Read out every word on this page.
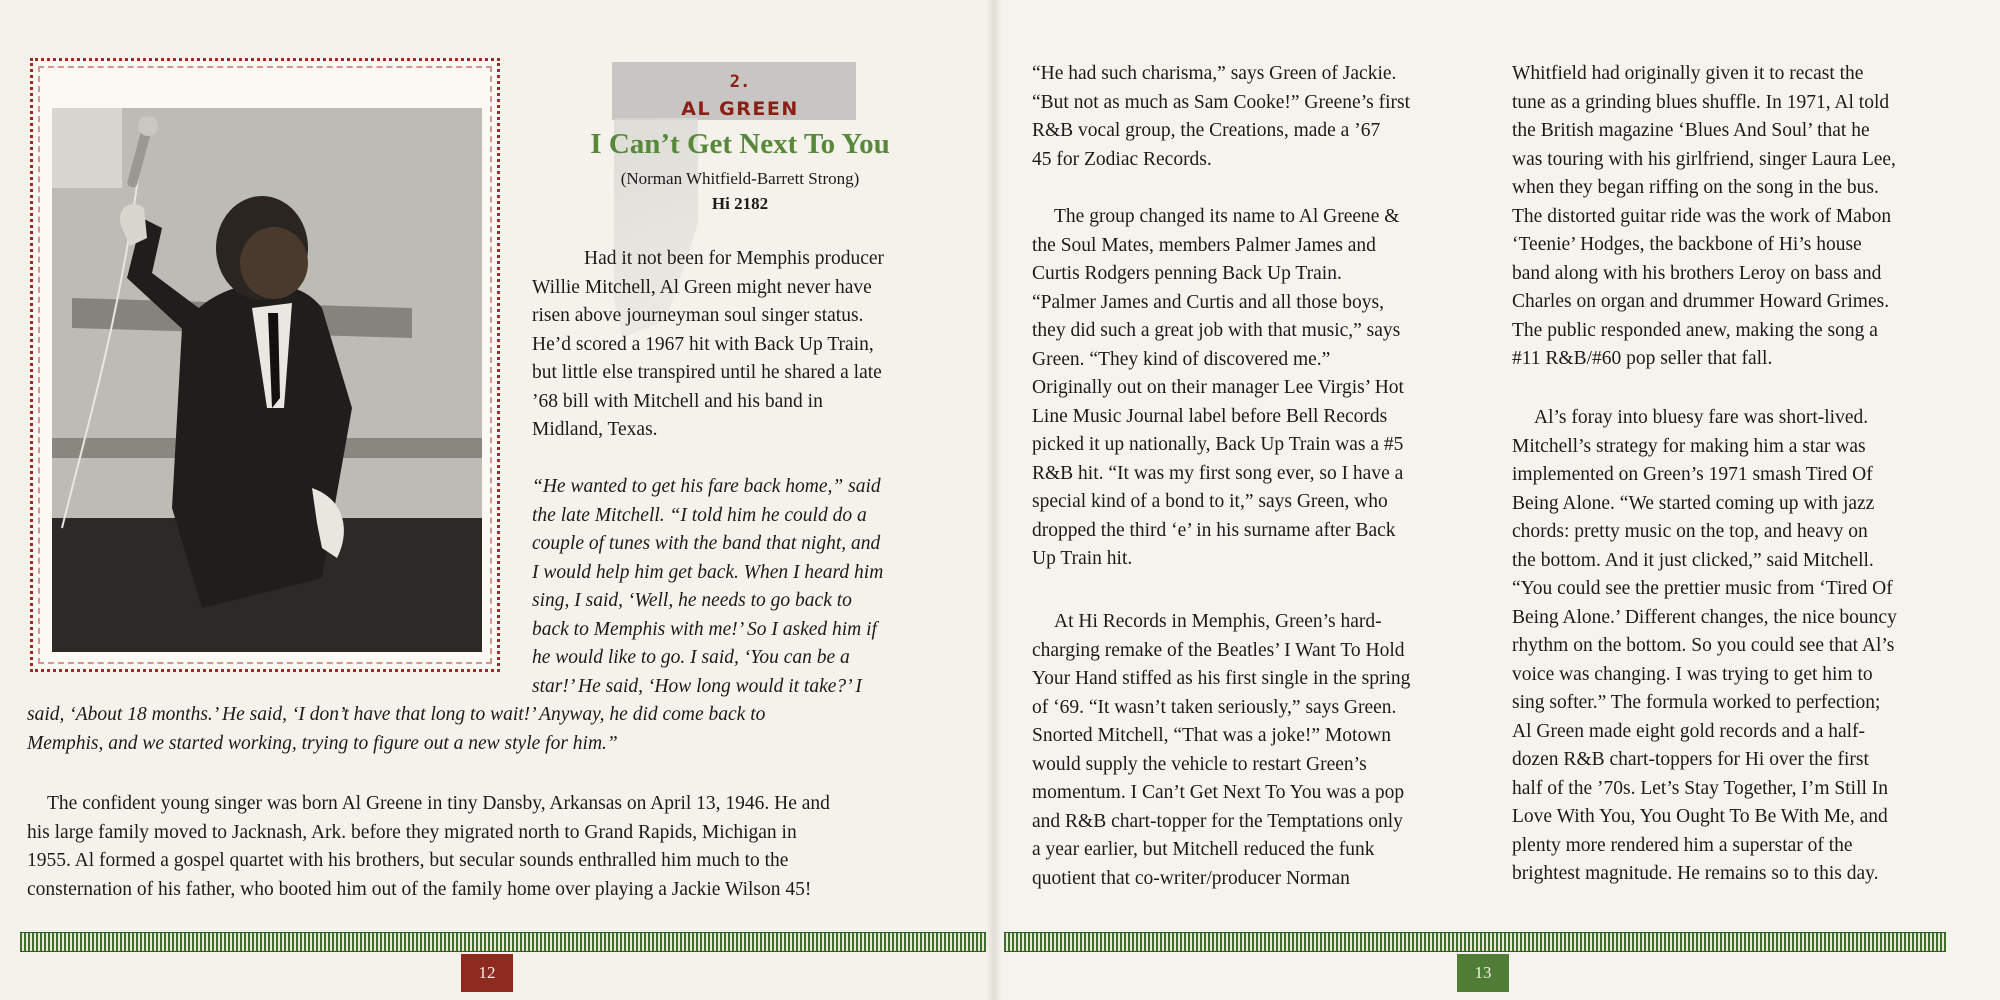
2.
AL GREEN
I Can’t Get Next To You
(Norman Whitfield-Barrett Strong)
Hi 2182
Had it not been for Memphis producer
Willie Mitchell, Al Green might never have
risen above journeyman soul singer status.
He’d scored a 1967 hit with Back Up Train,
but little else transpired until he shared a late
’68 bill with Mitchell and his band in
Midland, Texas.
“He wanted to get his fare back home,” said
the late Mitchell. “I told him he could do a
couple of tunes with the band that night, and
I would help him get back. When I heard him
sing, I said, ‘Well, he needs to go back to
back to Memphis with me!’ So I asked him if
he would like to go. I said, ‘You can be a
star!’ He said, ‘How long would it take?’ I
said, ‘About 18 months.’ He said, ‘I don’t have that long to wait!’ Anyway, he did come back to
Memphis, and we started working, trying to figure out a new style for him.”
The confident young singer was born Al Greene in tiny Dansby, Arkansas on April 13, 1946. He and
his large family moved to Jacknash, Ark. before they migrated north to Grand Rapids, Michigan in
1955. Al formed a gospel quartet with his brothers, but secular sounds enthralled him much to the
consternation of his father, who booted him out of the family home over playing a Jackie Wilson 45!
“He had such charisma,” says Green of Jackie.
“But not as much as Sam Cooke!” Greene’s first
R&B vocal group, the Creations, made a ’67
45 for Zodiac Records.
The group changed its name to Al Greene &
the Soul Mates, members Palmer James and
Curtis Rodgers penning Back Up Train.
“Palmer James and Curtis and all those boys,
they did such a great job with that music,” says
Green. “They kind of discovered me.”
Originally out on their manager Lee Virgis’ Hot
Line Music Journal label before Bell Records
picked it up nationally, Back Up Train was a #5
R&B hit. “It was my first song ever, so I have a
special kind of a bond to it,” says Green, who
dropped the third ‘e’ in his surname after Back
Up Train hit.
At Hi Records in Memphis, Green’s hard-
charging remake of the Beatles’ I Want To Hold
Your Hand stiffed as his first single in the spring
of ‘69. “It wasn’t taken seriously,” says Green.
Snorted Mitchell, “That was a joke!” Motown
would supply the vehicle to restart Green’s
momentum. I Can’t Get Next To You was a pop
and R&B chart-topper for the Temptations only
a year earlier, but Mitchell reduced the funk
quotient that co-writer/producer Norman
Whitfield had originally given it to recast the
tune as a grinding blues shuffle. In 1971, Al told
the British magazine ‘Blues And Soul’ that he
was touring with his girlfriend, singer Laura Lee,
when they began riffing on the song in the bus.
The distorted guitar ride was the work of Mabon
‘Teenie’ Hodges, the backbone of Hi’s house
band along with his brothers Leroy on bass and
Charles on organ and drummer Howard Grimes.
The public responded anew, making the song a
#11 R&B/#60 pop seller that fall.
Al’s foray into bluesy fare was short-lived.
Mitchell’s strategy for making him a star was
implemented on Green’s 1971 smash Tired Of
Being Alone. “We started coming up with jazz
chords: pretty music on the top, and heavy on
the bottom. And it just clicked,” said Mitchell.
“You could see the prettier music from ‘Tired Of
Being Alone.’ Different changes, the nice bouncy
rhythm on the bottom. So you could see that Al’s
voice was changing. I was trying to get him to
sing softer.” The formula worked to perfection;
Al Green made eight gold records and a half-
dozen R&B chart-toppers for Hi over the first
half of the ’70s. Let’s Stay Together, I’m Still In
Love With You, You Ought To Be With Me, and
plenty more rendered him a superstar of the
brightest magnitude. He remains so to this day.
12	13
